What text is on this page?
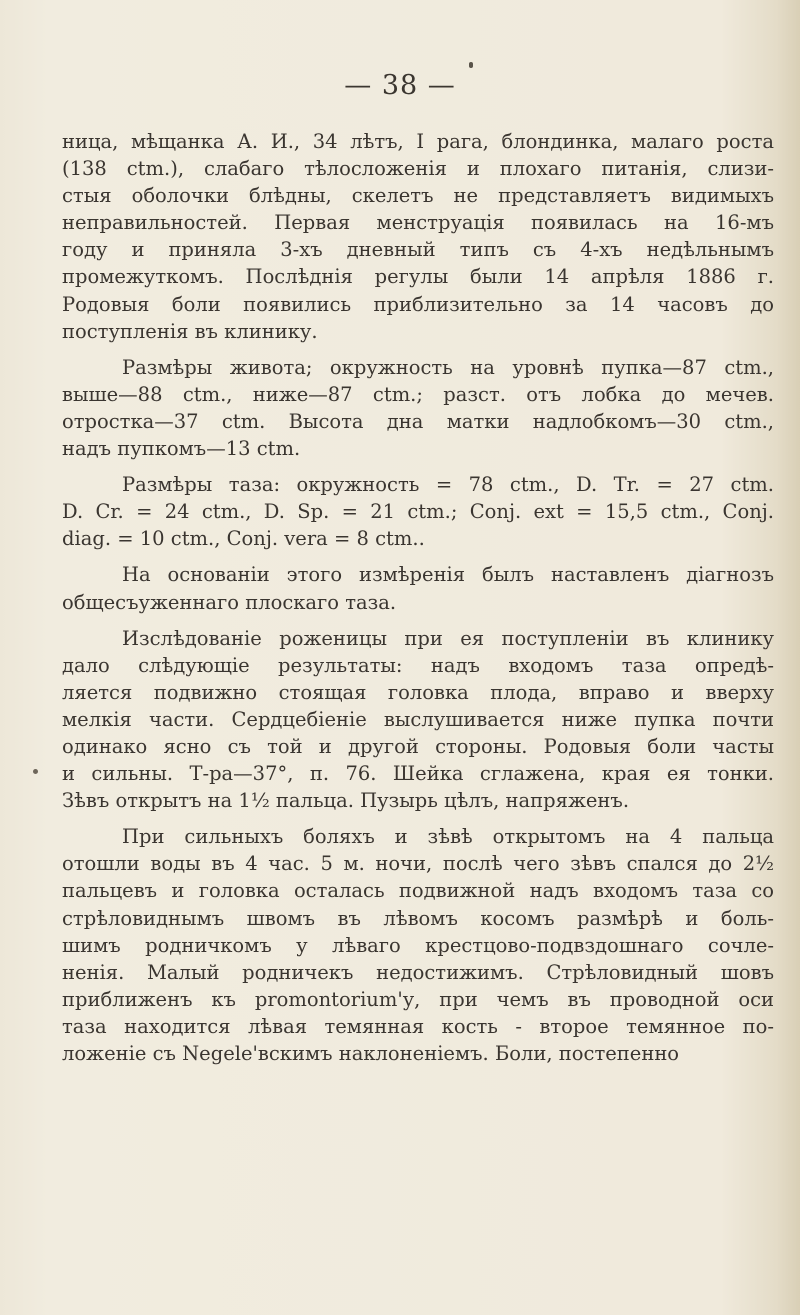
— 38 —
ница, мѣщанка А. И., 34 лѣтъ, I рага, блондинка, малаго роста
(138 ctm.), слабаго тѣлосложенія и плохаго питанія, слизи-
стыя оболочки блѣдны, скелетъ не представляетъ видимыхъ
неправильностей. Первая менструація появилась на 16-мъ
году и приняла 3-хъ дневный типъ съ 4-хъ недѣльнымъ
промежуткомъ. Послѣднія регулы были 14 апрѣля 1886 г.
Родовыя боли появились приблизительно за 14 часовъ до
поступленія въ клинику.
Размѣры живота; окружность на уровнѣ пупка—87 ctm.,
выше—88 ctm., ниже—87 ctm.; разст. отъ лобка до мечев.
отростка—37 ctm. Высота дна матки надлобкомъ—30 ctm.,
надъ пупкомъ—13 ctm.
Размѣры таза: окружность = 78 ctm., D. Tr. = 27 ctm.
D. Cr. = 24 ctm., D. Sp. = 21 ctm.; Conj. ext = 15,5 ctm., Conj.
diag. = 10 ctm., Conj. vera = 8 ctm..
На основаніи этого измѣренія былъ наставленъ діагнозъ
общесъуженнаго плоскаго таза.
Изслѣдованіе роженицы при ея поступленіи въ клинику
дало слѣдующіе результаты: надъ входомъ таза опредѣ-
ляется подвижно стоящая головка плода, вправо и вверху
мелкія части. Сердцебіеніе выслушивается ниже пупка почти
одинако ясно съ той и другой стороны. Родовыя боли часты
и сильны. Т-ра—37°, п. 76. Шейка сглажена, края ея тонки.
Зѣвъ открытъ на 1½ пальца. Пузырь цѣлъ, напряженъ.
При сильныхъ боляхъ и зѣвѣ открытомъ на 4 пальца
отошли воды въ 4 час. 5 м. ночи, послѣ чего зѣвъ спался до 2½
пальцевъ и головка осталась подвижной надъ входомъ таза со
стрѣловиднымъ швомъ въ лѣвомъ косомъ размѣрѣ и боль-
шимъ родничкомъ у лѣваго крестцово-подвздошнаго сочле-
ненія. Малый родничекъ недостижимъ. Стрѣловидный шовъ
приближенъ къ promontorium'у, при чемъ въ проводной оси
таза находится лѣвая темянная кость - второе темянное по-
ложеніе съ Negele'вскимъ наклоненіемъ. Боли, постепенно
